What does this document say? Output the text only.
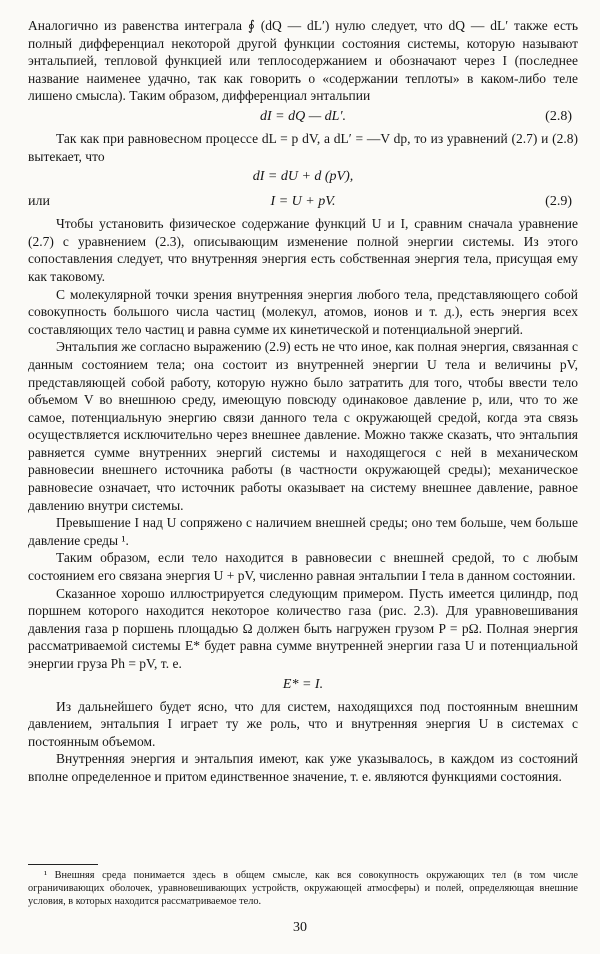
Аналогично из равенства интеграла ∮ (dQ — dL′) нулю следует, что dQ — dL′ также есть полный дифференциал некоторой другой функции состояния системы, которую называют энтальпией, тепловой функцией или теплосодержанием и обозначают через I (последнее название наименее удачно, так как говорить о «содержании теплоты» в каком-либо теле лишено смысла). Таким образом, дифференциал энтальпии

dI = dQ — dL′.	(2.8)

Так как при равновесном процессе dL = p dV, а dL′ = —V dp, то из уравнений (2.7) и (2.8) вытекает, что

dI = dU + d (pV),
или	I = U + pV.	(2.9)

Чтобы установить физическое содержание функций U и I, сравним сначала уравнение (2.7) с уравнением (2.3), описывающим изменение полной энергии системы. Из этого сопоставления следует, что внутренняя энергия есть собственная энергия тела, присущая ему как таковому.

С молекулярной точки зрения внутренняя энергия любого тела, представляющего собой совокупность большого числа частиц (молекул, атомов, ионов и т. д.), есть энергия всех составляющих тело частиц и равна сумме их кинетической и потенциальной энергий.

Энтальпия же согласно выражению (2.9) есть не что иное, как полная энергия, связанная с данным состоянием тела; она состоит из внутренней энергии U тела и величины pV, представляющей собой работу, которую нужно было затратить для того, чтобы ввести тело объемом V во внешнюю среду, имеющую повсюду одинаковое давление p, или, что то же самое, потенциальную энергию связи данного тела с окружающей средой, когда эта связь осуществляется исключительно через внешнее давление. Можно также сказать, что энтальпия равняется сумме внутренних энергий системы и находящегося с ней в механическом равновесии внешнего источника работы (в частности окружающей среды); механическое равновесие означает, что источник работы оказывает на систему внешнее давление, равное давлению внутри системы.

Превышение I над U сопряжено с наличием внешней среды; оно тем больше, чем больше давление среды ¹.

Таким образом, если тело находится в равновесии с внешней средой, то с любым состоянием его связана энергия U + pV, численно равная энтальпии I тела в данном состоянии.

Сказанное хорошо иллюстрируется следующим примером. Пусть имеется цилиндр, под поршнем которого находится некоторое количество газа (рис. 2.3). Для уравновешивания давления газа p поршень площадью Ω должен быть нагружен грузом P = pΩ. Полная энергия рассматриваемой системы E* будет равна сумме внутренней энергии газа U и потенциальной энергии груза Ph = pV, т. е.

E* = I.

Из дальнейшего будет ясно, что для систем, находящихся под постоянным внешним давлением, энтальпия I играет ту же роль, что и внутренняя энергия U в системах с постоянным объемом.

Внутренняя энергия и энтальпия имеют, как уже указывалось, в каждом из состояний вполне определенное и притом единственное значение, т. е. являются функциями состояния.

¹ Внешняя среда понимается здесь в общем смысле, как вся совокупность окружающих тел (в том числе ограничивающих оболочек, уравновешивающих устройств, окружающей атмосферы) и полей, определяющая внешние условия, в которых находится рассматриваемое тело.
30
